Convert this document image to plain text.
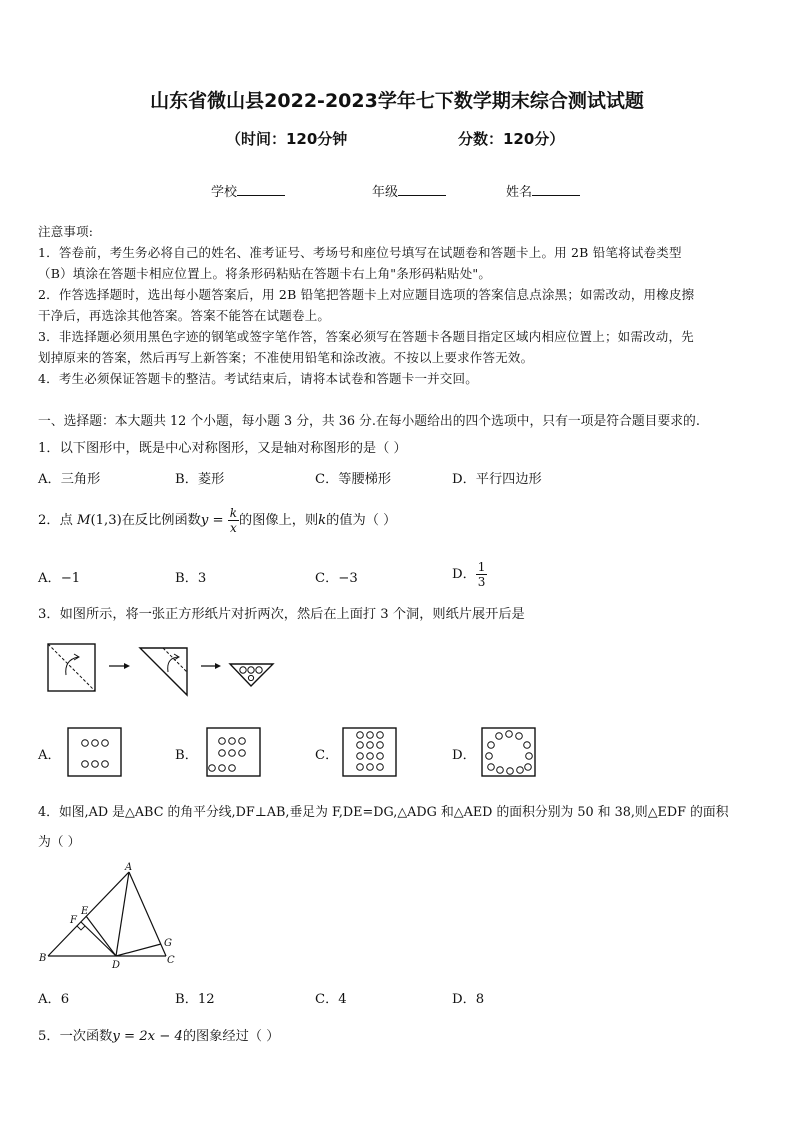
山东省微山县2022-2023学年七下数学期末综合测试试题
（时间：120分钟	分数：120分）
学校	年级	姓名
注意事项:
1．答卷前，考生务必将自己的姓名、准考证号、考场号和座位号填写在试题卷和答题卡上。用 2B 铅笔将试卷类型
（B）填涂在答题卡相应位置上。将条形码粘贴在答题卡右上角"条形码粘贴处"。
2．作答选择题时，选出每小题答案后，用 2B 铅笔把答题卡上对应题目选项的答案信息点涂黑；如需改动，用橡皮擦
干净后，再选涂其他答案。答案不能答在试题卷上。
3．非选择题必须用黑色字迹的钢笔或签字笔作答，答案必须写在答题卡各题目指定区域内相应位置上；如需改动，先
划掉原来的答案，然后再写上新答案；不准使用铅笔和涂改液。不按以上要求作答无效。
4．考生必须保证答题卡的整洁。考试结束后，请将本试卷和答题卡一并交回。
一、选择题：本大题共 12 个小题，每小题 3 分，共 36 分.在每小题给出的四个选项中，只有一项是符合题目要求的.
1．以下图形中，既是中心对称图形，又是轴对称图形的是（ ）
A．三角形	B．菱形	C．等腰梯形	D．平行四边形
2．点 M(1,3)在反比例函数$y = \frac{k}{x}$ 的图像上，则k的值为（ ）
A．−1	B．3	C．−3	D． $\frac{1}{3}$
3．如图所示，将一张正方形纸片对折两次，然后在上面打 3 个洞，则纸片展开后是
A．	B．	C．	D．
4．如图,AD 是△ABC 的角平分线,DF⊥AB,垂足为 F,DE=DG,△ADG 和△AED 的面积分别为 50 和 38,则△EDF 的面积
为（ ）
A
B	C
D
E
F
G
A．6	B．12	C．4	D．8
5．一次函数y = 2x − 4的图象经过（ ）
